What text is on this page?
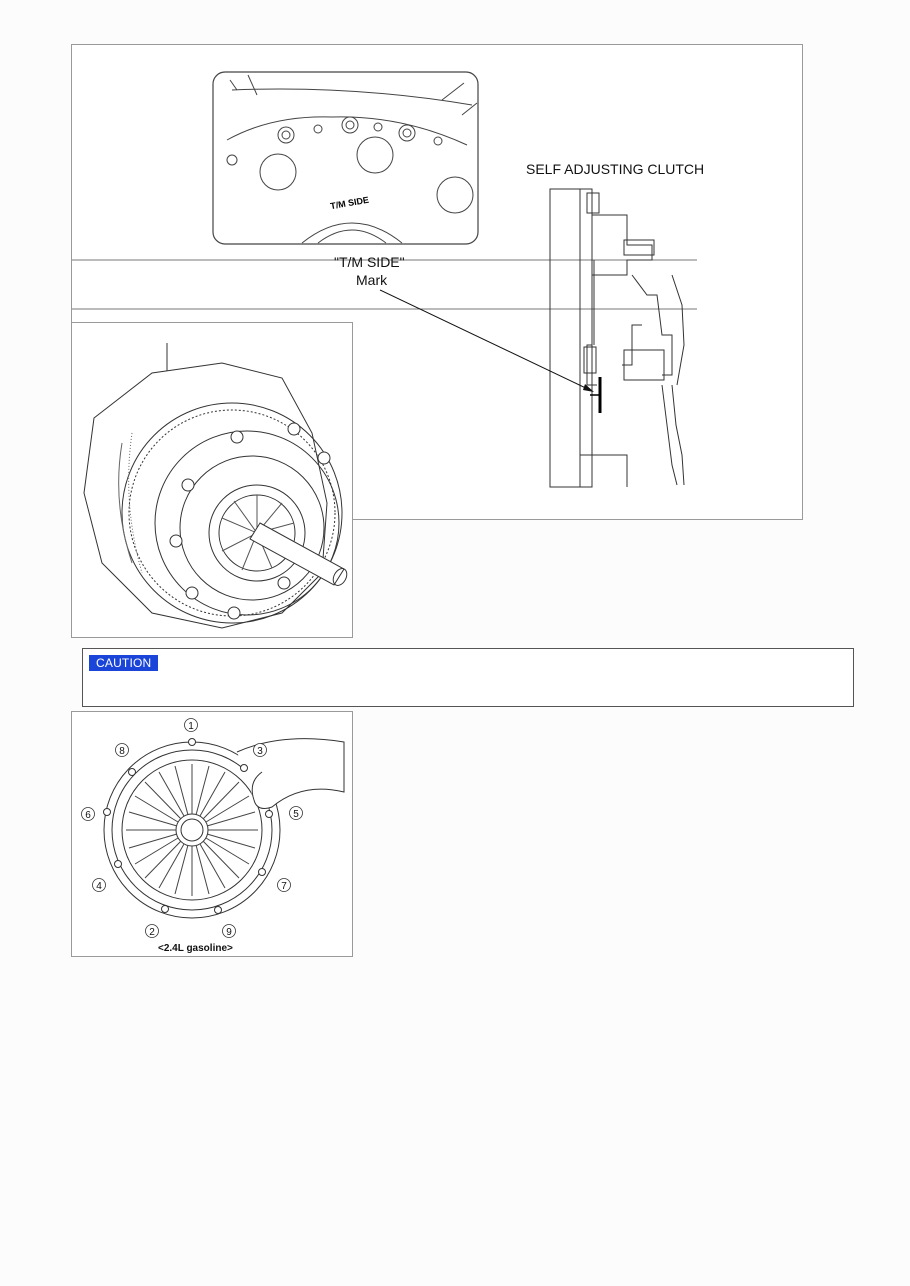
T/M SIDE
SELF ADJUSTING CLUTCH
"T/M SIDE"
Mark
CAUTION
1
2
3
4
5
6
7
8
9
<2.4L gasoline>
